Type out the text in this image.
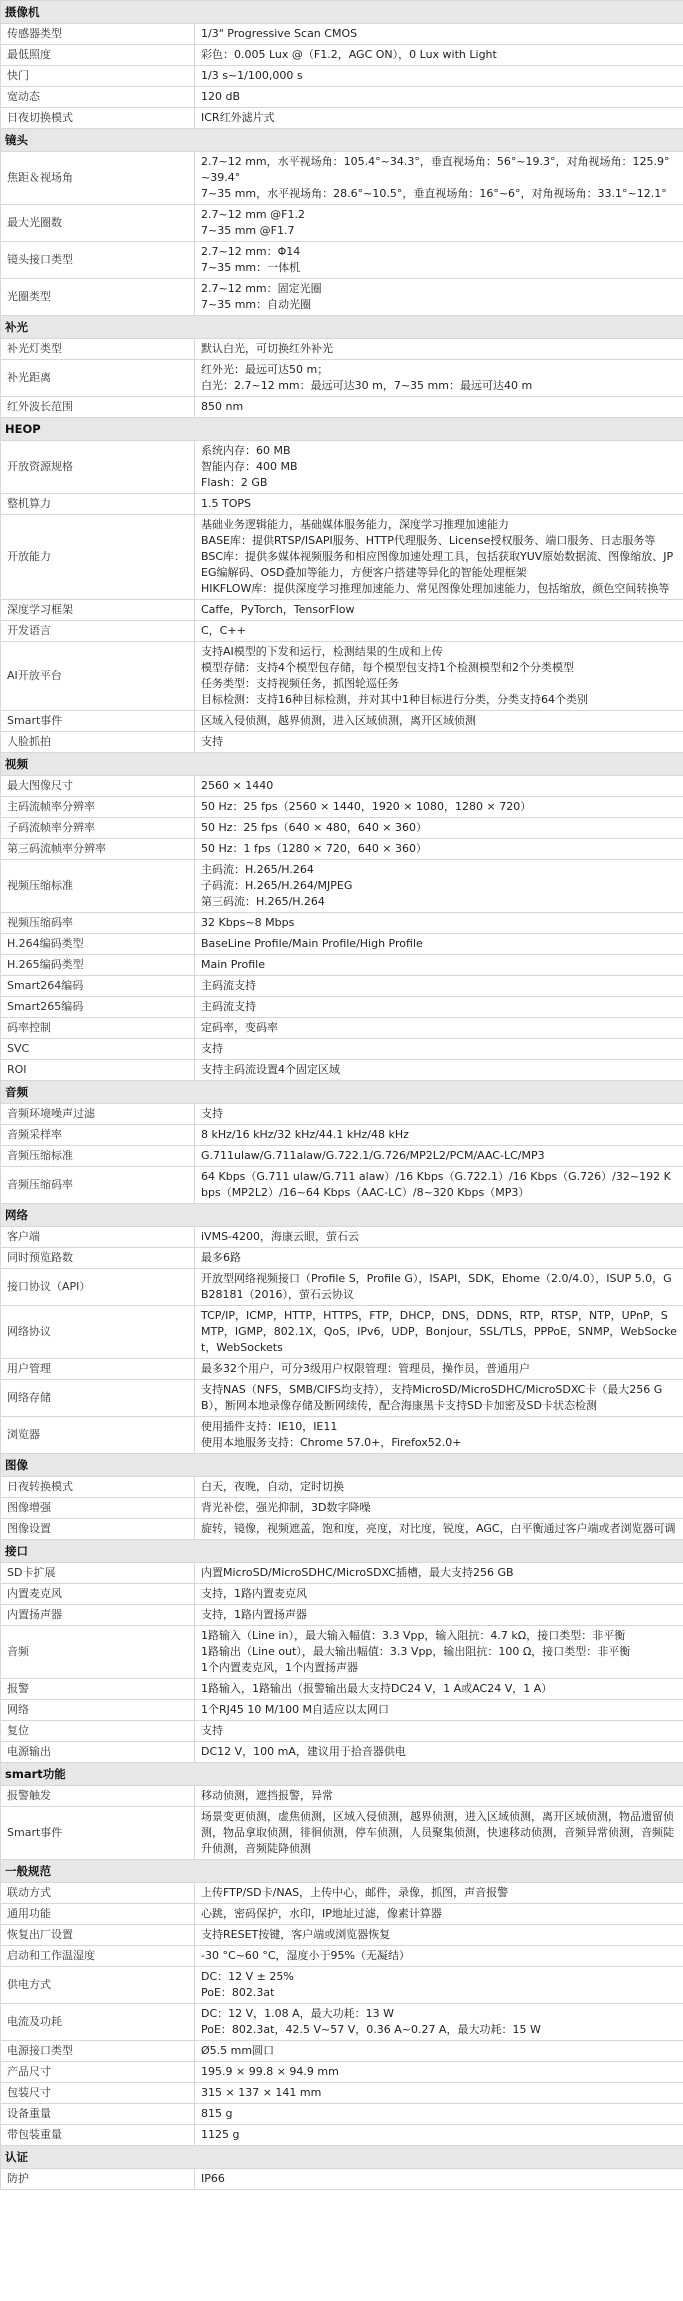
摄像机	
传感器类型	1/3" Progressive Scan CMOS

最低照度	彩色：0.005 Lux @（F1.2，AGC ON），0 Lux with Light

快门	1/3 s~1/100,000 s

宽动态	120 dB

日夜切换模式	ICR红外滤片式

镜头	
焦距＆视场角	2.7~12 mm，水平视场角：105.4°~34.3°，垂直视场角：56°~19.3°，对角视场角：125.9°~39.4°
7~35 mm，水平视场角：28.6°~10.5°，垂直视场角：16°~6°，对角视场角：33.1°~12.1°

最大光圈数	2.7~12 mm @F1.2
7~35 mm @F1.7

镜头接口类型	2.7~12 mm：Φ14
7~35 mm：一体机

光圈类型	2.7~12 mm：固定光圈
7~35 mm：自动光圈

补光	
补光灯类型	默认白光，可切换红外补光

补光距离	红外光：最远可达50 m；
白光：2.7~12 mm：最远可达30 m，7~35 mm：最远可达40 m

红外波长范围	850 nm

HEOP	
开放资源规格	系统内存：60 MB
智能内存：400 MB
Flash：2 GB

整机算力	1.5 TOPS

开放能力	基础业务逻辑能力，基础媒体服务能力，深度学习推理加速能力
BASE库：提供RTSP/ISAPI服务、HTTP代理服务、License授权服务、端口服务、日志服务等
BSC库：提供多媒体视频服务和相应图像加速处理工具，包括获取YUV原始数据流、图像缩放、JPEG编解码、OSD叠加等能力，方便客户搭建等异化的智能处理框架
HIKFLOW库：提供深度学习推理加速能力、常见图像处理加速能力，包括缩放，颜色空间转换等

深度学习框架	Caffe，PyTorch，TensorFlow

开发语言	C，C++

AI开放平台	支持AI模型的下发和运行，检测结果的生成和上传
模型存储：支持4个模型包存储，每个模型包支持1个检测模型和2个分类模型
任务类型：支持视频任务，抓图轮巡任务
目标检测：支持16种目标检测，并对其中1种目标进行分类，分类支持64个类别

Smart事件	区域入侵侦测，越界侦测，进入区域侦测，离开区域侦测

人脸抓拍	支持

视频	
最大图像尺寸	2560 × 1440

主码流帧率分辨率	50 Hz：25 fps（2560 × 1440，1920 × 1080，1280 × 720）

子码流帧率分辨率	50 Hz：25 fps（640 × 480，640 × 360）

第三码流帧率分辨率	50 Hz：1 fps（1280 × 720，640 × 360）

视频压缩标准	主码流：H.265/H.264
子码流：H.265/H.264/MJPEG
第三码流：H.265/H.264

视频压缩码率	32 Kbps~8 Mbps

H.264编码类型	BaseLine Profile/Main Profile/High Profile

H.265编码类型	Main Profile

Smart264编码	主码流支持

Smart265编码	主码流支持

码率控制	定码率，变码率

SVC	支持

ROI	支持主码流设置4个固定区域

音频	
音频环境噪声过滤	支持

音频采样率	8 kHz/16 kHz/32 kHz/44.1 kHz/48 kHz

音频压缩标准	G.711ulaw/G.711alaw/G.722.1/G.726/MP2L2/PCM/AAC-LC/MP3

音频压缩码率	64 Kbps（G.711 ulaw/G.711 alaw）/16 Kbps（G.722.1）/16 Kbps（G.726）/32~192 Kbps（MP2L2）/16~64 Kbps（AAC-LC）/8~320 Kbps（MP3）

网络	
客户端	iVMS-4200，海康云眼，萤石云

同时预览路数	最多6路

接口协议（API）	开放型网络视频接口（Profile S，Profile G），ISAPI，SDK，Ehome（2.0/4.0），ISUP 5.0，GB28181（2016），萤石云协议

网络协议	TCP/IP，ICMP，HTTP，HTTPS，FTP，DHCP，DNS，DDNS，RTP，RTSP，NTP，UPnP，SMTP，IGMP，802.1X，QoS，IPv6，UDP，Bonjour，SSL/TLS，PPPoE，SNMP，WebSocket，WebSockets

用户管理	最多32个用户，可分3级用户权限管理：管理员，操作员，普通用户

网络存储	支持NAS（NFS，SMB/CIFS均支持），支持MicroSD/MicroSDHC/MicroSDXC卡（最大256 GB），断网本地录像存储及断网续传，配合海康黑卡支持SD卡加密及SD卡状态检测

浏览器	使用插件支持：IE10，IE11
使用本地服务支持：Chrome 57.0+，Firefox52.0+

图像	
日夜转换模式	白天，夜晚，自动，定时切换

图像增强	背光补偿，强光抑制，3D数字降噪

图像设置	旋转，镜像，视频遮盖，饱和度，亮度，对比度，锐度，AGC，白平衡通过客户端或者浏览器可调

接口	
SD卡扩展	内置MicroSD/MicroSDHC/MicroSDXC插槽，最大支持256 GB

内置麦克风	支持，1路内置麦克风

内置扬声器	支持，1路内置扬声器

音频	1路输入（Line in），最大输入幅值：3.3 Vpp，输入阻抗：4.7 kΩ，接口类型：非平衡
1路输出（Line out），最大输出幅值：3.3 Vpp，输出阻抗：100 Ω，接口类型：非平衡
1个内置麦克风，1个内置扬声器

报警	1路输入，1路输出（报警输出最大支持DC24 V，1 A或AC24 V，1 A）

网络	1个RJ45 10 M/100 M自适应以太网口

复位	支持

电源输出	DC12 V，100 mA，建议用于拾音器供电

smart功能	
报警触发	移动侦测，遮挡报警，异常

Smart事件	场景变更侦测，虚焦侦测，区域入侵侦测，越界侦测，进入区域侦测，离开区域侦测，物品遗留侦测，物品拿取侦测，徘徊侦测，停车侦测，人员聚集侦测，快速移动侦测，音频异常侦测，音频陡升侦测，音频陡降侦测

一般规范	
联动方式	上传FTP/SD卡/NAS，上传中心，邮件，录像，抓图，声音报警

通用功能	心跳，密码保护，水印，IP地址过滤，像素计算器

恢复出厂设置	支持RESET按键，客户端或浏览器恢复

启动和工作温湿度	-30 °C~60 °C，湿度小于95%（无凝结）

供电方式	DC：12 V ± 25%
PoE：802.3at

电流及功耗	DC：12 V，1.08 A，最大功耗：13 W
PoE：802.3at，42.5 V~57 V，0.36 A~0.27 A，最大功耗：15 W

电源接口类型	Ø5.5 mm圆口

产品尺寸	195.9 × 99.8 × 94.9 mm

包装尺寸	315 × 137 × 141 mm

设备重量	815 g

带包装重量	1125 g

认证	
防护	IP66
